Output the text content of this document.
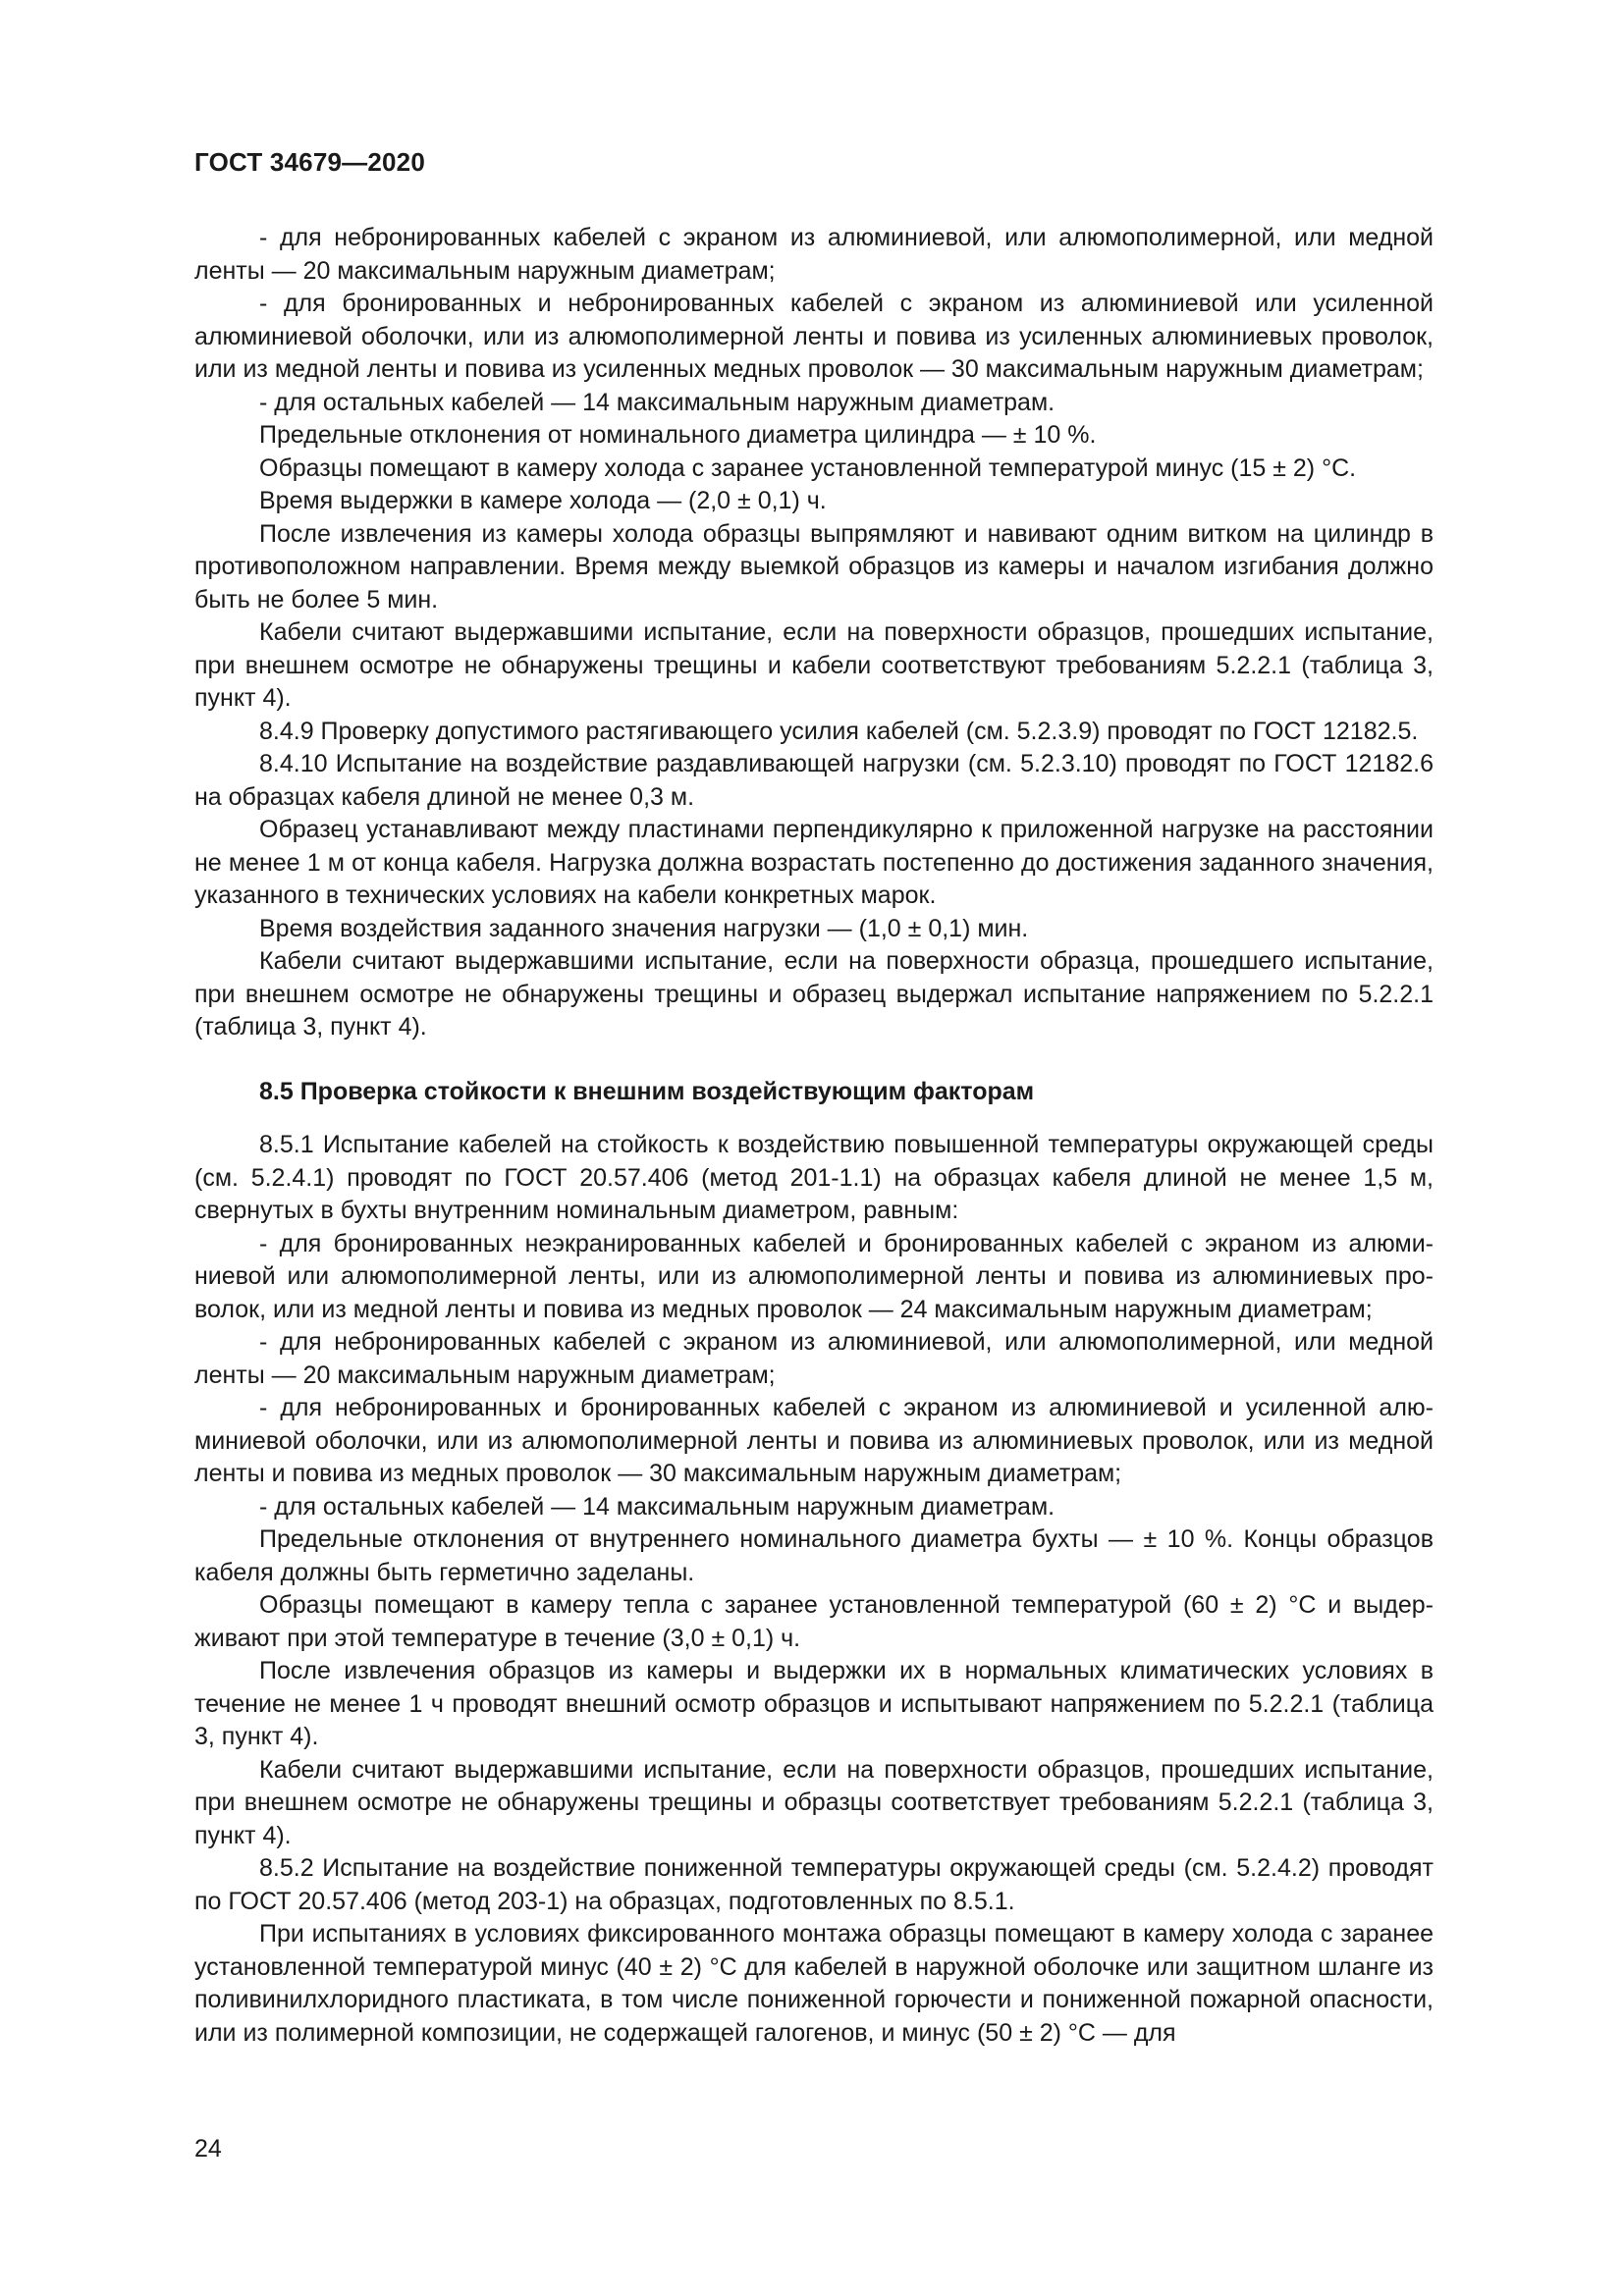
ГОСТ 34679—2020

- для небронированных кабелей с экраном из алюминиевой, или алюмополимерной, или медной ленты — 20 максимальным наружным диаметрам;

- для бронированных и небронированных кабелей с экраном из алюминиевой или усиленной алюминиевой оболочки, или из алюмополимерной ленты и повива из усиленных алюминиевых проволок, или из медной ленты и повива из усиленных медных проволок — 30 максимальным наружным диаметрам;

- для остальных кабелей — 14 максимальным наружным диаметрам.

Предельные отклонения от номинального диаметра цилиндра — ± 10 %.

Образцы помещают в камеру холода с заранее установленной температурой минус (15 ± 2) °С.

Время выдержки в камере холода — (2,0 ± 0,1) ч.

После извлечения из камеры холода образцы выпрямляют и навивают одним витком на цилиндр в противоположном направлении. Время между выемкой образцов из камеры и началом изгибания должно быть не более 5 мин.

Кабели считают выдержавшими испытание, если на поверхности образцов, прошедших испытание, при внешнем осмотре не обнаружены трещины и кабели соответствуют требованиям 5.2.2.1 (таблица 3, пункт 4).

8.4.9 Проверку допустимого растягивающего усилия кабелей (см. 5.2.3.9) проводят по ГОСТ 12182.5.

8.4.10 Испытание на воздействие раздавливающей нагрузки (см. 5.2.3.10) проводят по ГОСТ 12182.6 на образцах кабеля длиной не менее 0,3 м.

Образец устанавливают между пластинами перпендикулярно к приложенной нагрузке на расстоянии не менее 1 м от конца кабеля. Нагрузка должна возрастать постепенно до достижения заданного значения, указанного в технических условиях на кабели конкретных марок.

Время воздействия заданного значения нагрузки — (1,0 ± 0,1) мин.

Кабели считают выдержавшими испытание, если на поверхности образца, прошедшего испытание, при внешнем осмотре не обнаружены трещины и образец выдержал испытание напряжением по 5.2.2.1 (таблица 3, пункт 4).

8.5 Проверка стойкости к внешним воздействующим факторам

8.5.1 Испытание кабелей на стойкость к воздействию повышенной температуры окружающей среды (см. 5.2.4.1) проводят по ГОСТ 20.57.406 (метод 201-1.1) на образцах кабеля длиной не менее 1,5 м, свернутых в бухты внутренним номинальным диаметром, равным:

- для бронированных неэкранированных кабелей и бронированных кабелей с экраном из алюминиевой или алюмополимерной ленты, или из алюмополимерной ленты и повива из алюминиевых проволок, или из медной ленты и повива из медных проволок — 24 максимальным наружным диаметрам;

- для небронированных кабелей с экраном из алюминиевой, или алюмополимерной, или медной ленты — 20 максимальным наружным диаметрам;

- для небронированных и бронированных кабелей с экраном из алюминиевой и усиленной алюминиевой оболочки, или из алюмополимерной ленты и повива из алюминиевых проволок, или из медной ленты и повива из медных проволок — 30 максимальным наружным диаметрам;

- для остальных кабелей — 14 максимальным наружным диаметрам.

Предельные отклонения от внутреннего номинального диаметра бухты — ± 10 %. Концы образцов кабеля должны быть герметично заделаны.

Образцы помещают в камеру тепла с заранее установленной температурой (60 ± 2) °С и выдерживают при этой температуре в течение (3,0 ± 0,1) ч.

После извлечения образцов из камеры и выдержки их в нормальных климатических условиях в течение не менее 1 ч проводят внешний осмотр образцов и испытывают напряжением по 5.2.2.1 (таблица 3, пункт 4).

Кабели считают выдержавшими испытание, если на поверхности образцов, прошедших испытание, при внешнем осмотре не обнаружены трещины и образцы соответствует требованиям 5.2.2.1 (таблица 3, пункт 4).

8.5.2 Испытание на воздействие пониженной температуры окружающей среды (см. 5.2.4.2) проводят по ГОСТ 20.57.406 (метод 203-1) на образцах, подготовленных по 8.5.1.

При испытаниях в условиях фиксированного монтажа образцы помещают в камеру холода с заранее установленной температурой минус (40 ± 2) °С для кабелей в наружной оболочке или защитном шланге из поливинилхлоридного пластиката, в том числе пониженной горючести и пониженной пожарной опасности, или из полимерной композиции, не содержащей галогенов, и минус (50 ± 2) °С — для

24
